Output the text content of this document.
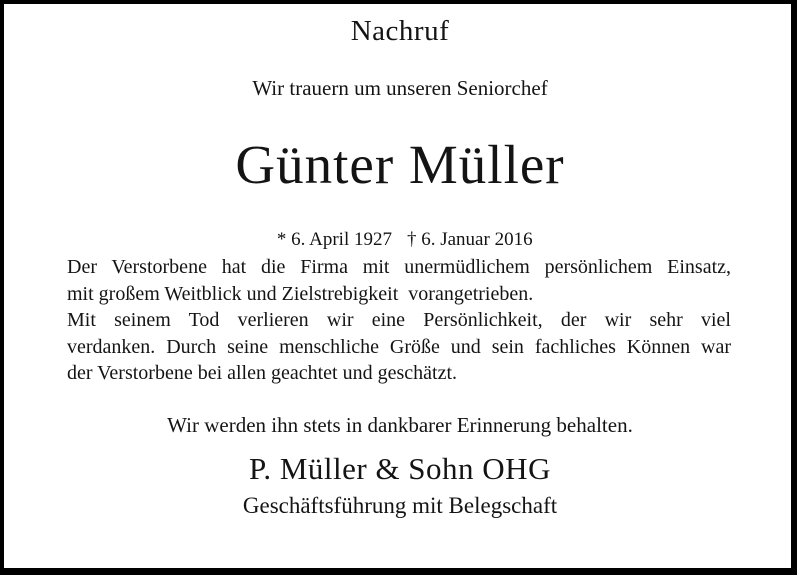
Nachruf
Wir trauern um unseren Seniorchef
Günter Müller

* 6. April 1927 † 6. Januar 2016

Der Verstorbene hat die Firma mit unermüdlichem persönlichem Einsatz,
mit großem Weitblick und Zielstrebigkeit  vorangetrieben.
Mit seinem Tod verlieren wir eine Persönlichkeit, der wir sehr viel
verdanken. Durch seine menschliche Größe und sein fachliches Können war
der Verstorbene bei allen geachtet und geschätzt.
Wir werden ihn stets in dankbarer Erinnerung behalten.
P. Müller & Sohn OHG
Geschäftsführung mit Belegschaft
